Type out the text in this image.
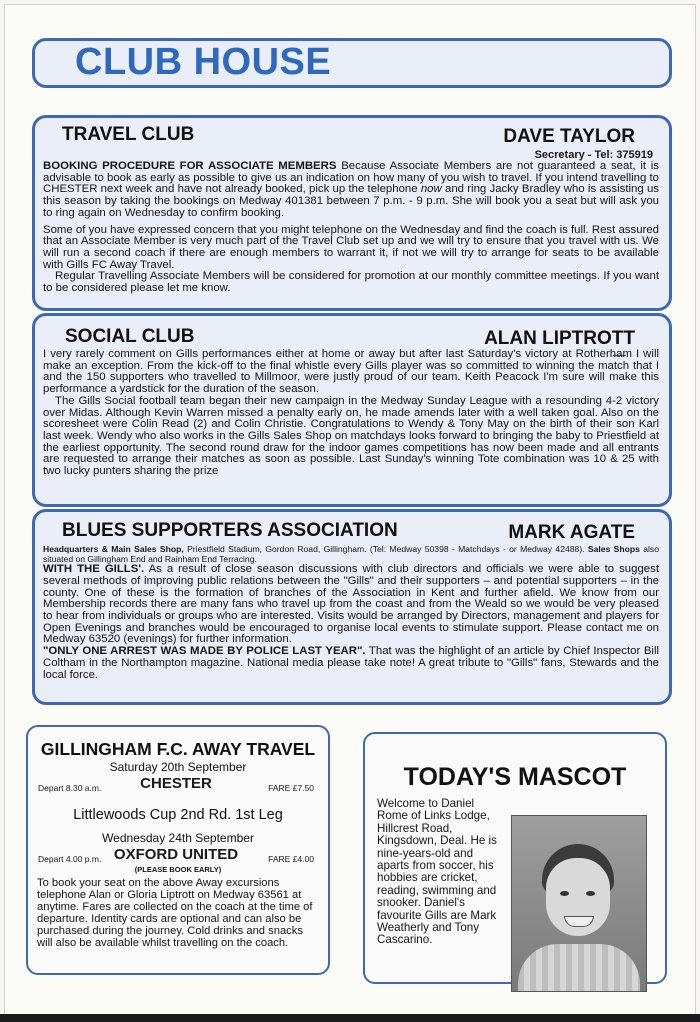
CLUB HOUSE
TRAVEL CLUB	DAVE TAYLOR
Secretary - Tel: 375919

BOOKING PROCEDURE FOR ASSOCIATE MEMBERS Because Associate Members are not guaranteed a seat, it is advisable to book as early as possible to give us an indication on how many of you wish to travel. If you intend travelling to CHESTER next week and have not already booked, pick up the telephone now and ring Jacky Bradley who is assisting us this season by taking the bookings on Medway 401381 between 7 p.m. - 9 p.m. She will book you a seat but will ask you to ring again on Wednesday to confirm booking.

Some of you have expressed concern that you might telephone on the Wednesday and find the coach is full. Rest assured that an Associate Member is very much part of the Travel Club set up and we will try to ensure that you travel with us. We will run a second coach if there are enough members to warrant it, if not we will try to arrange for seats to be available with Gills FC Away Travel.

Regular Travelling Associate Members will be considered for promotion at our monthly committee meetings. If you want to be considered please let me know.

SOCIAL CLUB	ALAN LIPTROTT

I very rarely comment on Gills performances either at home or away but after last Saturday's victory at Rotherh̶a̶m I will make an exception. From the kick-off to the final whistle every Gills player was so committed to winning the match that I and the 150 supporters who travelled to Millmoor, were justly proud of our team. Keith Peacock I'm sure will make this performance a yardstick for the duration of the season.

The Gills Social football team began their new campaign in the Medway Sunday League with a resounding 4-2 victory over Midas. Although Kevin Warren missed a penalty early on, he made amends later with a well taken goal. Also on the scoresheet were Colin Read (2) and Colin Christie. Congratulations to Wendy & Tony May on the birth of their son Karl last week. Wendy who also works in the Gills Sales Shop on matchdays looks forward to bringing the baby to Priestfield at the earliest opportunity. The second round draw for the indoor games competitions has now been made and all entrants are requested to arrange their matches as soon as possible. Last Sunday's winning Tote combination was 10 & 25 with two lucky punters sharing the prize

BLUES SUPPORTERS ASSOCIATION	MARK AGATE

Headquarters & Main Sales Shop, Priestfield Stadium, Gordon Road, Gillingham. (Tel: Medway 50398 - Matchdays - or Medway 42488). Sales Shops also situated on Gillingham End and Rainham End Terracing.

WITH THE GILLS'. As a result of close season discussions with club directors and officials we were able to suggest several methods of improving public relations between the "Gills" and their supporters – and potential supporters – in the county. One of these is the formation of branches of the Association in Kent and further afield. We know from our Membership records there are many fans who travel up from the coast and from the Weald so we would be very pleased to hear from individuals or groups who are interested. Visits would be arranged by Directors, management and players for Open Evenings and branches would be encouraged to organise local events to stimulate support. Please contact me on Medway 63520 (evenings) for further information.

"ONLY ONE ARREST WAS MADE BY POLICE LAST YEAR". That was the highlight of an article by Chief Inspector Bill Coltham in the Northampton magazine. National media please take note! A great tribute to "Gills" fans, Stewards and the local force.

GILLINGHAM F.C. AWAY TRAVEL
Saturday 20th September
Depart 8.30 a.m.	CHESTER	FARE £7.50
Littlewoods Cup 2nd Rd. 1st Leg
Wednesday 24th September
Depart 4.00 p.m. OXFORD UNITED	FARE £4.00
(PLEASE BOOK EARLY)
To book your seat on the above Away excursions telephone Alan or Gloria Liptrott on Medway 63561 at anytime. Fares are collected on the coach at the time of departure. Identity cards are optional and can also be purchased during the journey. Cold drinks and snacks will also be available whilst travelling on the coach.
TODAY'S MASCOT
Welcome to Daniel Rome of Links Lodge, Hillcrest Road, Kingsdown, Deal. He is nine-years-old and aparts from soccer, his hobbies are cricket, reading, swimming and snooker. Daniel's favourite Gills are Mark Weatherly and Tony Cascarino.
